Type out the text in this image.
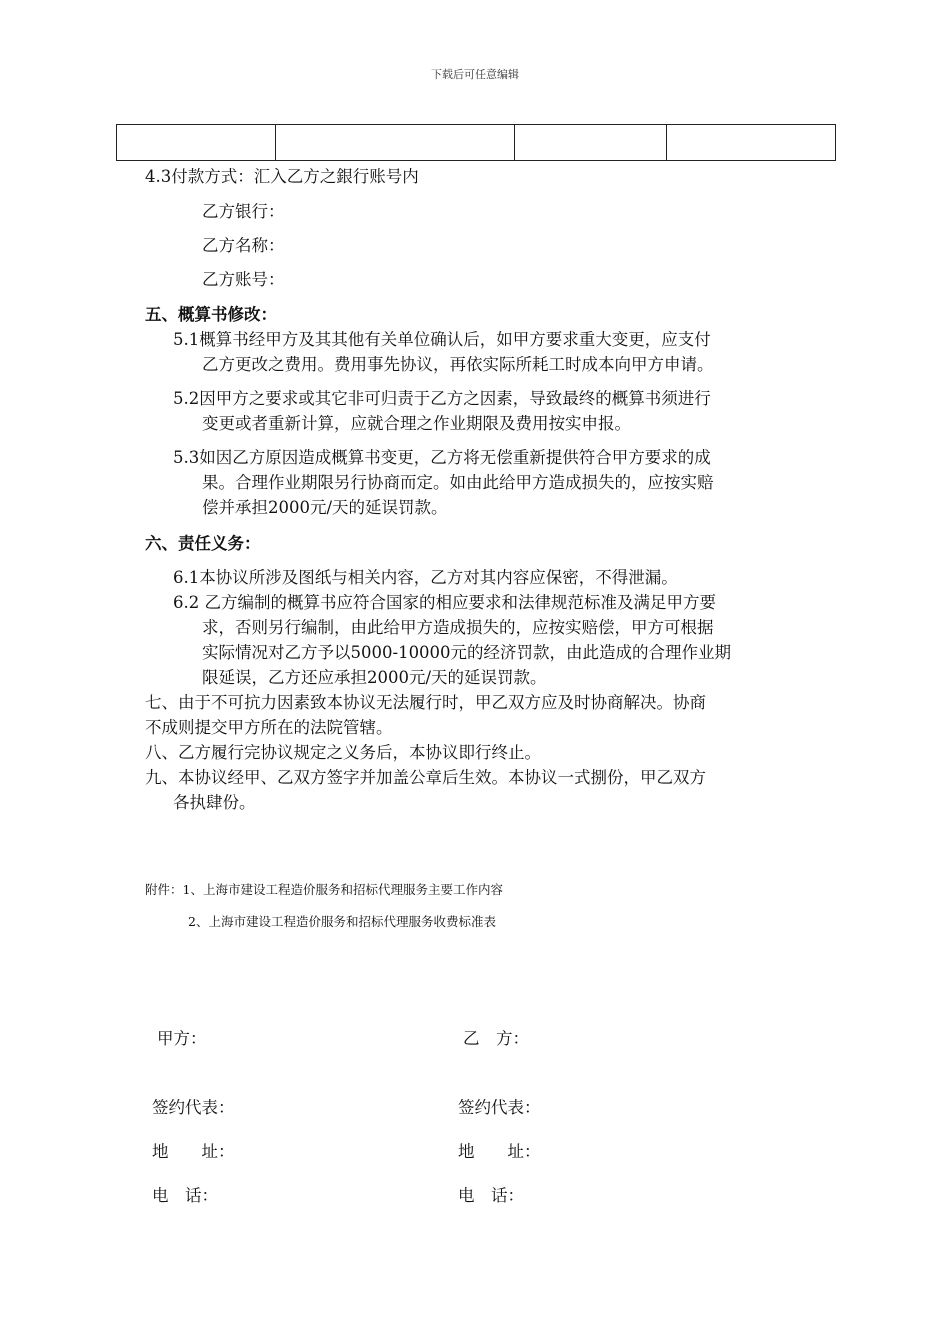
下载后可任意编辑

4.3付款方式：汇入乙方之銀行账号内
乙方银行：
乙方名称：
乙方账号：
五、概算书修改：
5.1概算书经甲方及其其他有关单位确认后，如甲方要求重大变更，应支付
乙方更改之费用。费用事先协议，再依实际所耗工时成本向甲方申请。
5.2因甲方之要求或其它非可归责于乙方之因素，导致最终的概算书须进行
变更或者重新计算，应就合理之作业期限及费用按实申报。
5.3如因乙方原因造成概算书变更，乙方将无偿重新提供符合甲方要求的成
果。合理作业期限另行协商而定。如由此给甲方造成损失的，应按实赔
偿并承担2000元/天的延误罚款。
六、责任义务：
6.1本协议所涉及图纸与相关内容，乙方对其内容应保密，不得泄漏。
6.2 乙方编制的概算书应符合国家的相应要求和法律规范标准及满足甲方要
求，否则另行编制，由此给甲方造成损失的，应按实赔偿，甲方可根据
实际情况对乙方予以5000-10000元的经济罚款，由此造成的合理作业期
限延误，乙方还应承担2000元/天的延误罚款。
七、由于不可抗力因素致本协议无法履行时，甲乙双方应及时协商解决。协商
不成则提交甲方所在的法院管辖。
八、乙方履行完协议规定之义务后，本协议即行终止。
九、本协议经甲、乙双方签字并加盖公章后生效。本协议一式捌份，甲乙双方
各执肆份。
附件：1、上海市建设工程造价服务和招标代理服务主要工作内容
2、上海市建设工程造价服务和招标代理服务收费标准表
甲方：	乙　方：
签约代表：	签约代表：
地　　址：	地　　址：
电　话：	电　话：
